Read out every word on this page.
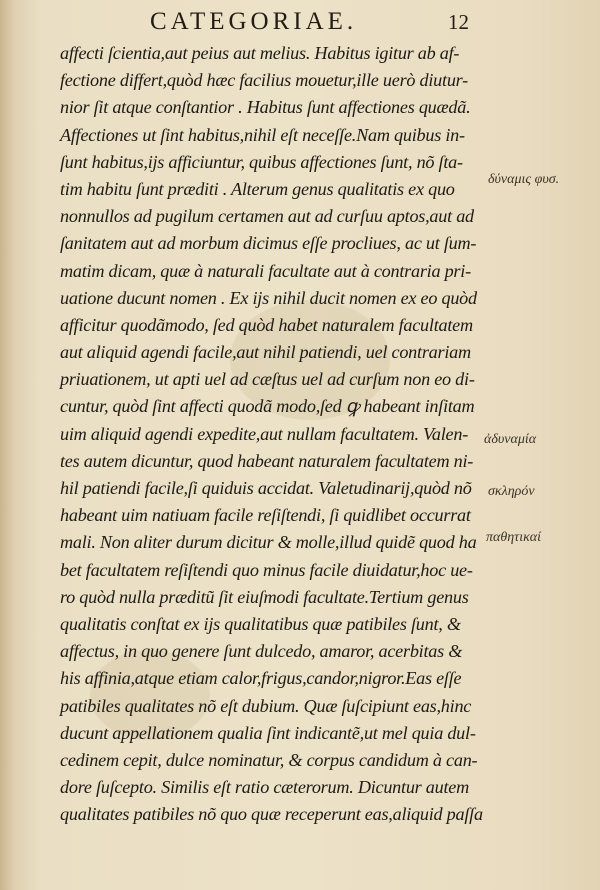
CATEGORIAE.	12
affecti ſcientia,aut peius aut melius. Habitus igitur ab af-
fectione differt,quòd hæc facilius mouetur,ille uerò diutur-
nior ſit atque conſtantior . Habitus ſunt affectiones quædã.
Affectiones ut ſint habitus,nihil eſt neceſſe.Nam quibus in-
ſunt habitus,ijs afficiuntur, quibus affectiones ſunt, nõ ſta-
tim habitu ſunt præditi . Alterum genus qualitatis ex quo
nonnullos ad pugilum certamen aut ad curſuu aptos,aut ad
ſanitatem aut ad morbum dicimus eſſe procliues, ac ut ſum-
matim dicam, quæ à naturali facultate aut à contraria pri-
uatione ducunt nomen . Ex ijs nihil ducit nomen ex eo quòd
afficitur quodãmodo, ſed quòd habet naturalem facultatem
aut aliquid agendi facile,aut nihil patiendi, uel contrariam
priuationem, ut apti uel ad cæſtus uel ad curſum non eo di-
cuntur, quòd ſint affecti quodã modo,ſed ꝙ habeant inſitam
uim aliquid agendi expedite,aut nullam facultatem. Valen-
tes autem dicuntur, quod habeant naturalem facultatem ni-
hil patiendi facile,ſi quiduis accidat. Valetudinarij,quòd nõ
habeant uim natiuam facile reſiſtendi, ſi quidlibet occurrat
mali. Non aliter durum dicitur & molle,illud quidẽ quod ha
bet facultatem reſiſtendi quo minus facile diuidatur,hoc ue-
ro quòd nulla præditũ ſit eiuſmodi facultate.Tertium genus
qualitatis conſtat ex ijs qualitatibus quæ patibiles ſunt, &
affectus, in quo genere ſunt dulcedo, amaror, acerbitas &
his affinia,atque etiam calor,frigus,candor,nigror.Eas eſſe
patibiles qualitates nõ eſt dubium. Quæ ſuſcipiunt eas,hinc
ducunt appellationem qualia ſint indicantẽ,ut mel quia dul-
cedinem cepit, dulce nominatur, & corpus candidum à can-
dore ſuſcepto. Similis eſt ratio cæterorum. Dicuntur autem
qualitates patibiles nõ quo quæ receperunt eas,aliquid paſſa
δύναμις φυσ.
ἀδυναμία
σκληρόν
παθητικαί
